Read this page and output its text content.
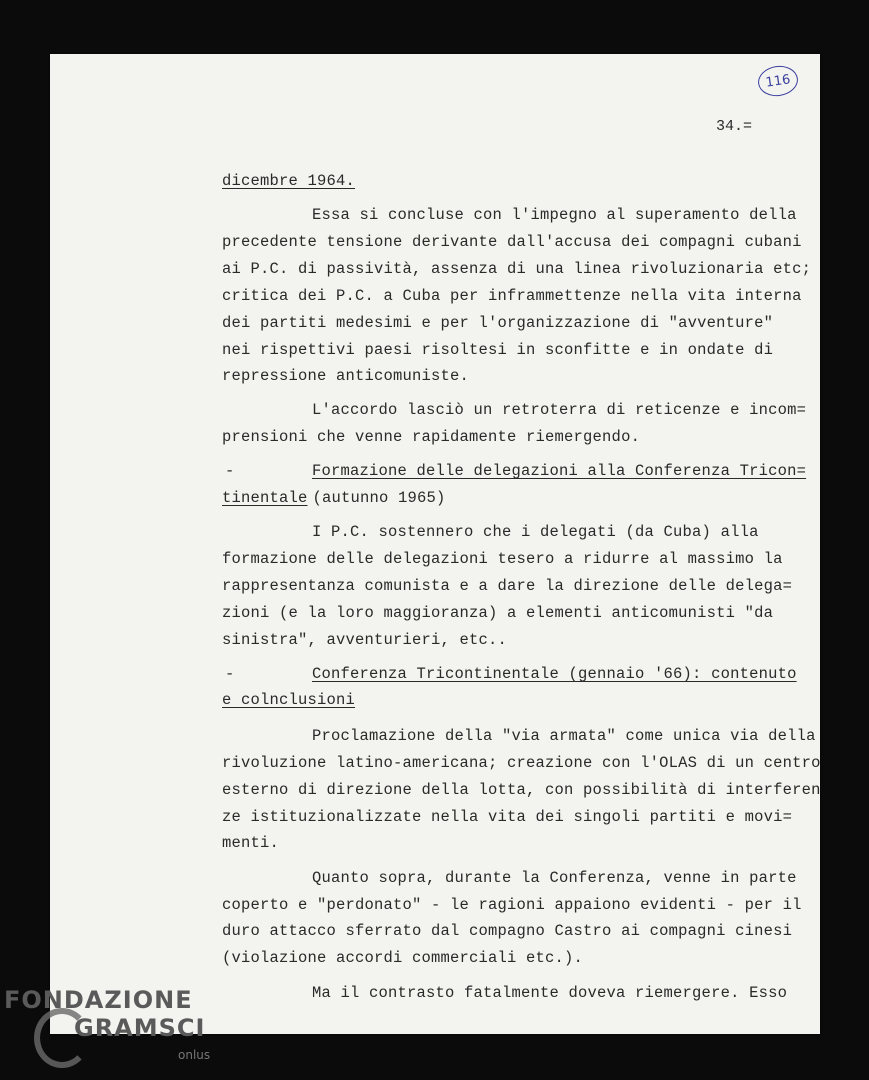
116
34.=
dicembre 1964.
Essa si concluse con l'impegno al superamento della
precedente tensione derivante dall'accusa dei compagni cubani
ai P.C. di passività, assenza di una linea rivoluzionaria etc;
critica dei P.C. a Cuba per inframmettenze nella vita interna
dei partiti medesimi e per l'organizzazione di "avventure"
nei rispettivi paesi risoltesi in sconfitte e in ondate di
repressione anticomuniste.
L'accordo lasciò un retroterra di reticenze e incom=
prensioni che venne rapidamente riemergendo.
-	Formazione delle delegazioni alla Conferenza Tricon=
tinentale
(autunno 1965)
I P.C. sostennero che i delegati (da Cuba) alla
formazione delle delegazioni tesero a ridurre al massimo la
rappresentanza comunista e a dare la direzione delle delega=
zioni (e la loro maggioranza) a elementi anticomunisti "da
sinistra", avventurieri, etc..
-	Conferenza Tricontinentale (gennaio '66): contenuto
e colnclusioni
Proclamazione della "via armata" come unica via della
rivoluzione latino-americana; creazione con l'OLAS di un centro
esterno di direzione della lotta, con possibilità di interferen
ze istituzionalizzate nella vita dei singoli partiti e movi=
menti.
Quanto sopra, durante la Conferenza, venne in parte
coperto e "perdonato" - le ragioni appaiono evidenti - per il
duro attacco sferrato dal compagno Castro ai compagni cinesi
(violazione accordi commerciali etc.).
Ma il contrasto fatalmente doveva riemergere. Esso
FONDAZIONE
GRAMSCI
onlus
